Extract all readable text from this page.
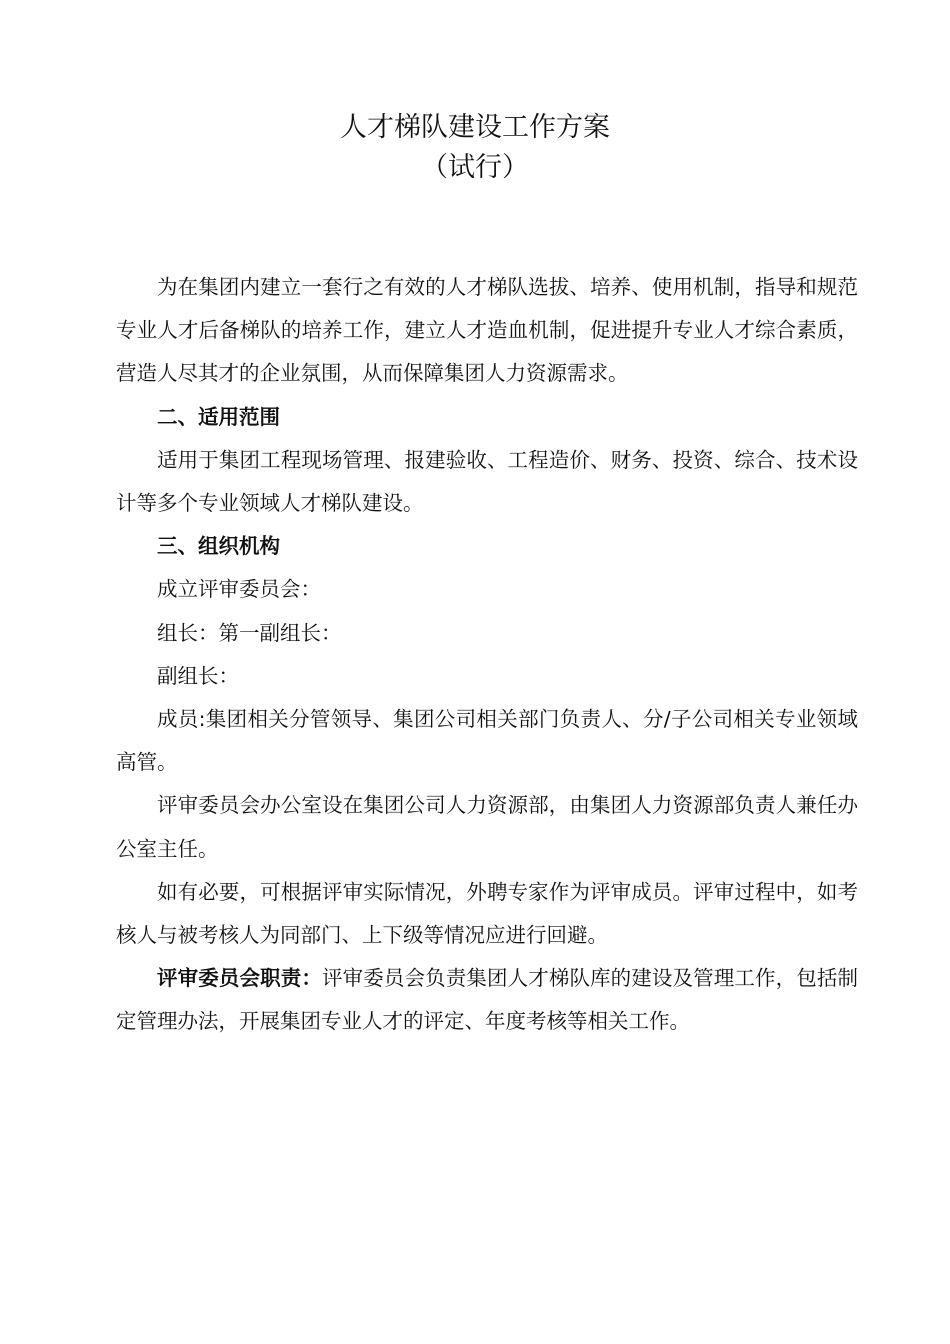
人才梯队建设工作方案
（试行）

为在集团内建立一套行之有效的人才梯队选拔、培养、使用机制，指导和规范专业人才后备梯队的培养工作，建立人才造血机制，促进提升专业人才综合素质，营造人尽其才的企业氛围，从而保障集团人力资源需求。

二、适用范围

适用于集团工程现场管理、报建验收、工程造价、财务、投资、综合、技术设计等多个专业领域人才梯队建设。

三、组织机构

成立评审委员会：

组长：第一副组长：

副组长：

成员:集团相关分管领导、集团公司相关部门负责人、分/子公司相关专业领域高管。

评审委员会办公室设在集团公司人力资源部，由集团人力资源部负责人兼任办公室主任。

如有必要，可根据评审实际情况，外聘专家作为评审成员。评审过程中，如考核人与被考核人为同部门、上下级等情况应进行回避。

评审委员会职责：评审委员会负责集团人才梯队库的建设及管理工作，包括制定管理办法，开展集团专业人才的评定、年度考核等相关工作。
